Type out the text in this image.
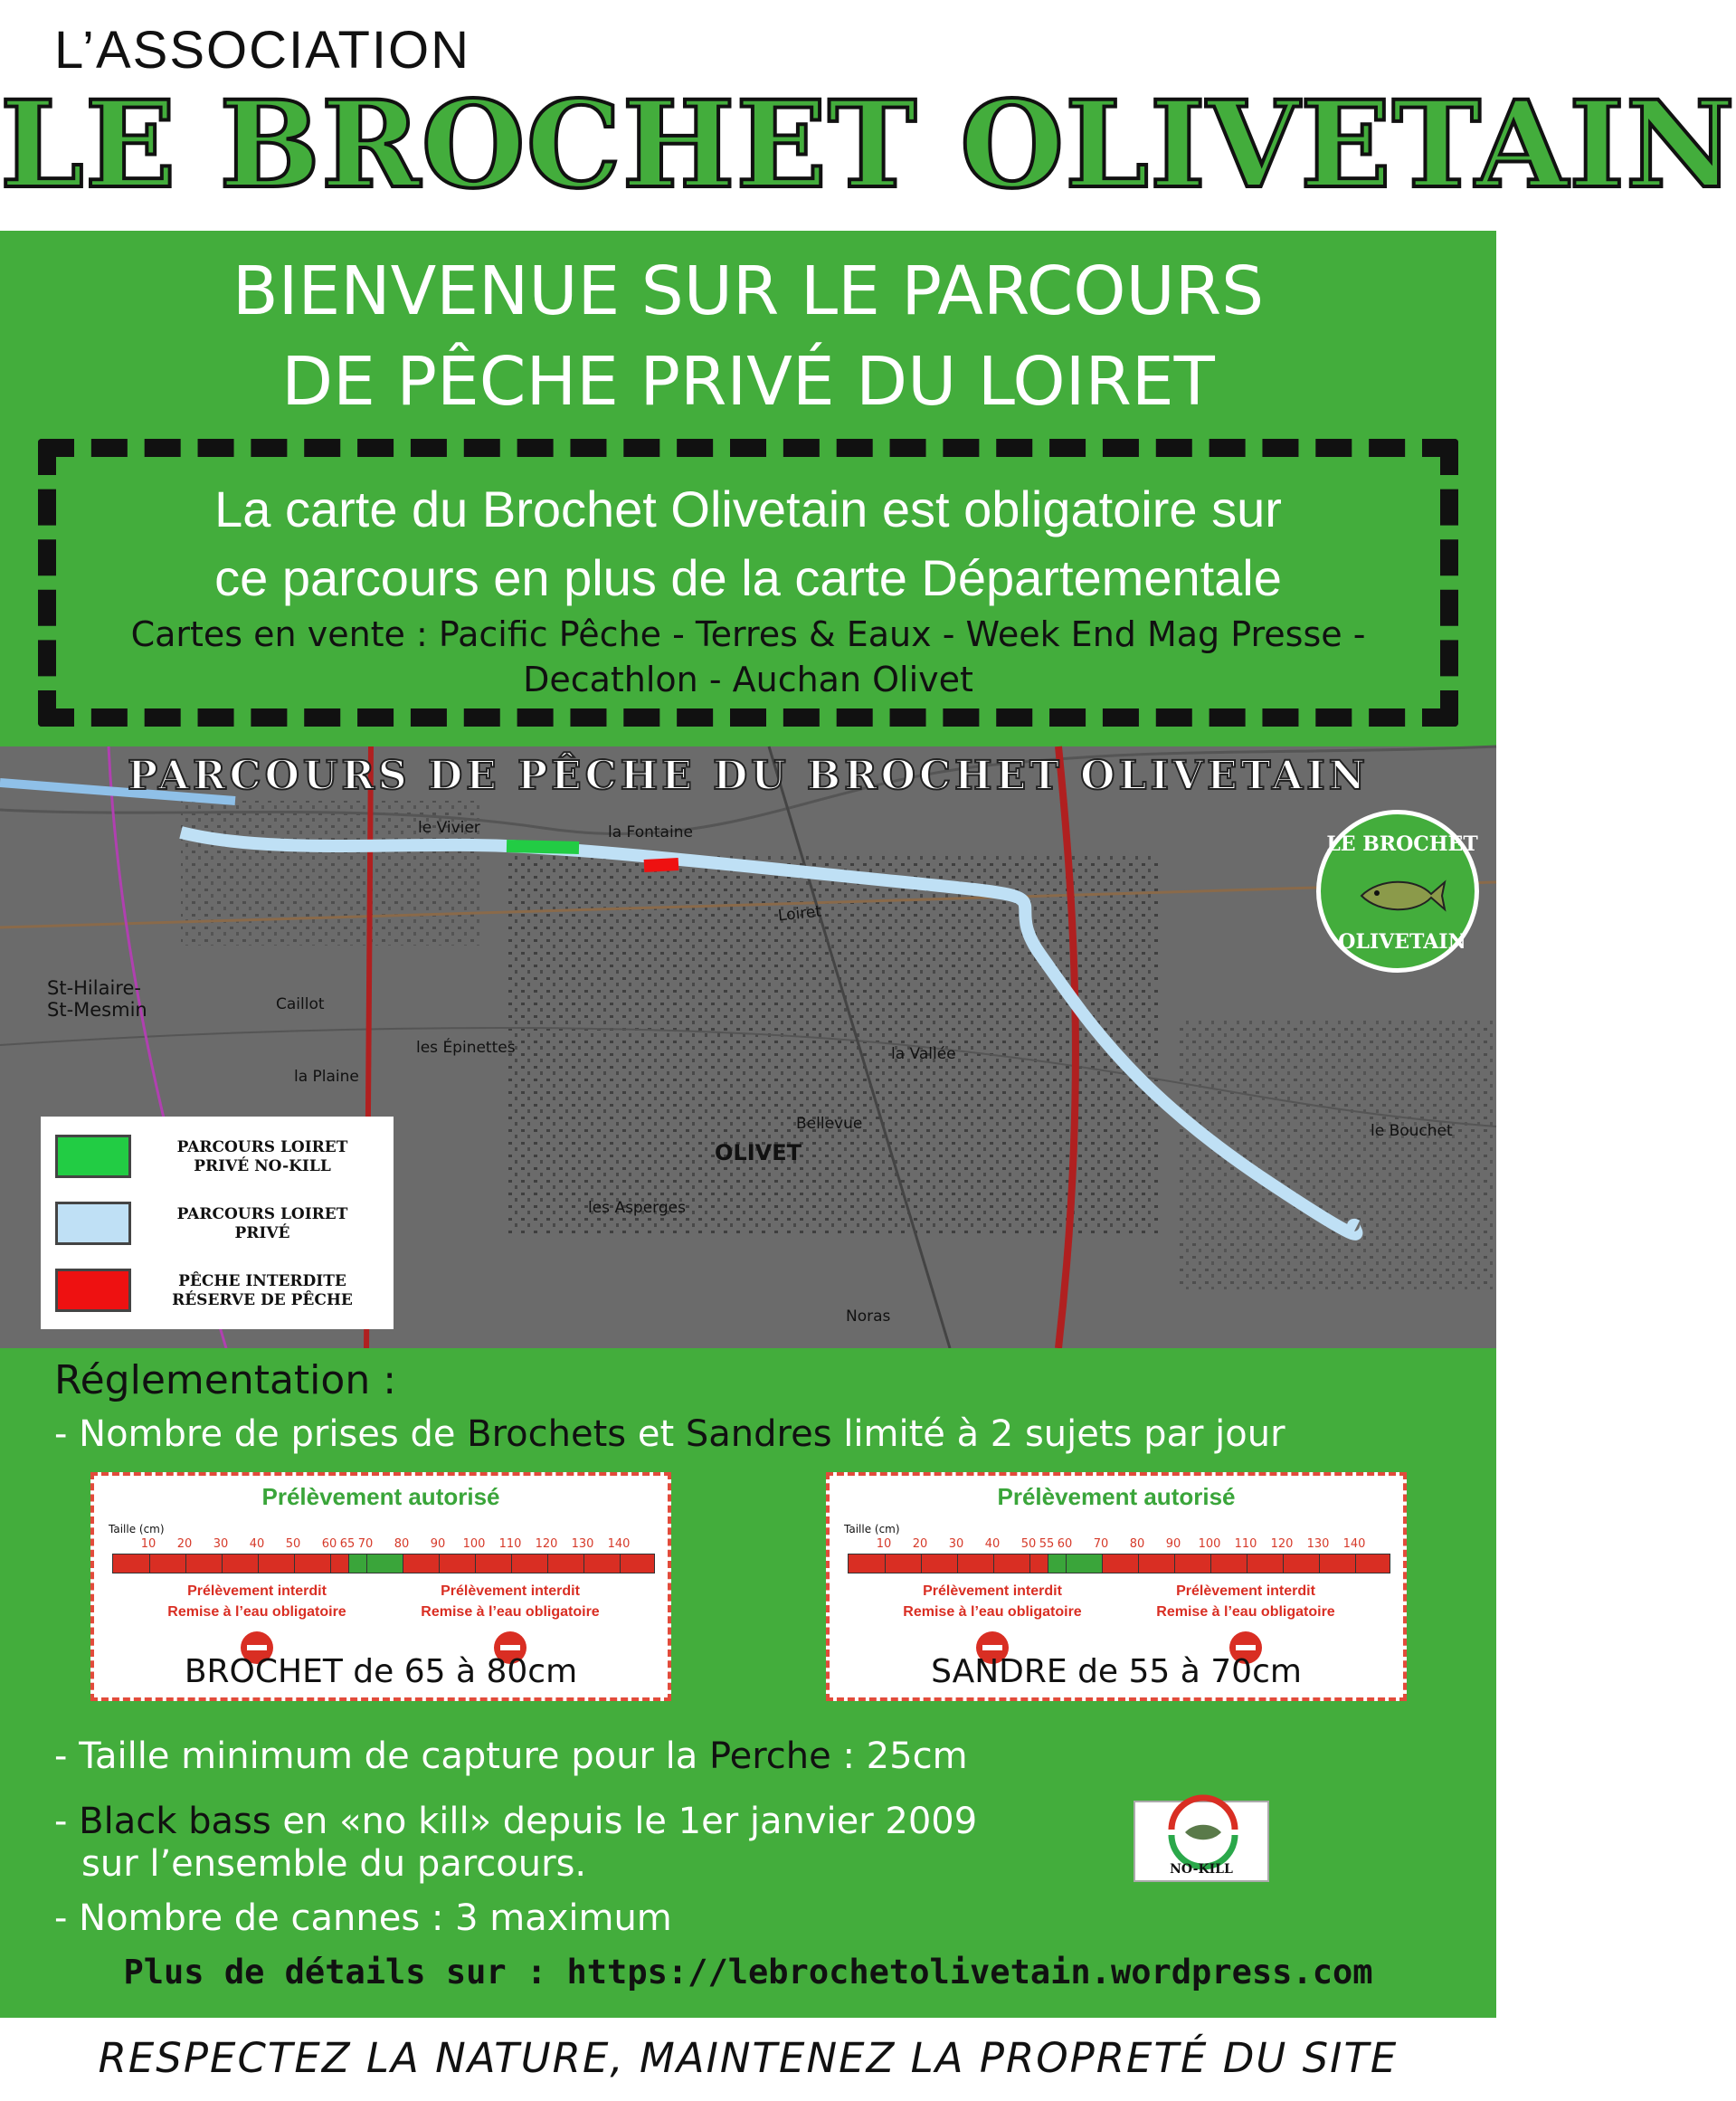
L’ASSOCIATION
LE BROCHET OLIVETAIN
BIENVENUE SUR LE PARCOURS
DE PÊCHE PRIVÉ DU LOIRET
La carte du Brochet Olivetain est obligatoire sur
ce parcours en plus de la carte Départementale
Cartes en vente : Pacific Pêche - Terres & Eaux - Week End Mag Presse -
Decathlon - Auchan Olivet
PARCOURS DE PÊCHE DU BROCHET OLIVETAIN
St-Hilaire-
St-Mesmin	Caillot
la Plaine
les Épinettes
le Vivier	la Fontaine
Loiret
OLIVET
Bellevue
la Vallée
les Asperges
Noras
le Bouchet
LE BROCHET
OLIVETAIN
PARCOURS LOIRET
PRIVÉ NO-KILL
PARCOURS LOIRET
PRIVÉ
PÊCHE INTERDITE
RÉSERVE DE PÊCHE
Réglementation :
- Nombre de prises de Brochets et Sandres limité à 2 sujets par jour
Prélèvement autorisé
Taille (cm)
10 20 30 40 50 60 65 70 80 90 100 110 120 130 140
Prélèvement interdit
Remise à l’eau obligatoire
Prélèvement interdit
Remise à l’eau obligatoire
BROCHET de 65 à 80cm
Prélèvement autorisé
Taille (cm)
10 20 30 40 50 55 60 70 80 90 100 110 120 130 140
Prélèvement interdit
Remise à l’eau obligatoire
Prélèvement interdit
Remise à l’eau obligatoire
SANDRE de 55 à 70cm
- Taille minimum de capture pour la Perche : 25cm
- Black bass en «no kill» depuis le 1er janvier 2009
sur l’ensemble du parcours.	NO-KILL
- Nombre de cannes : 3 maximum
Plus de détails sur : https://lebrochetolivetain.wordpress.com
RESPECTEZ LA NATURE, MAINTENEZ LA PROPRETÉ DU SITE
